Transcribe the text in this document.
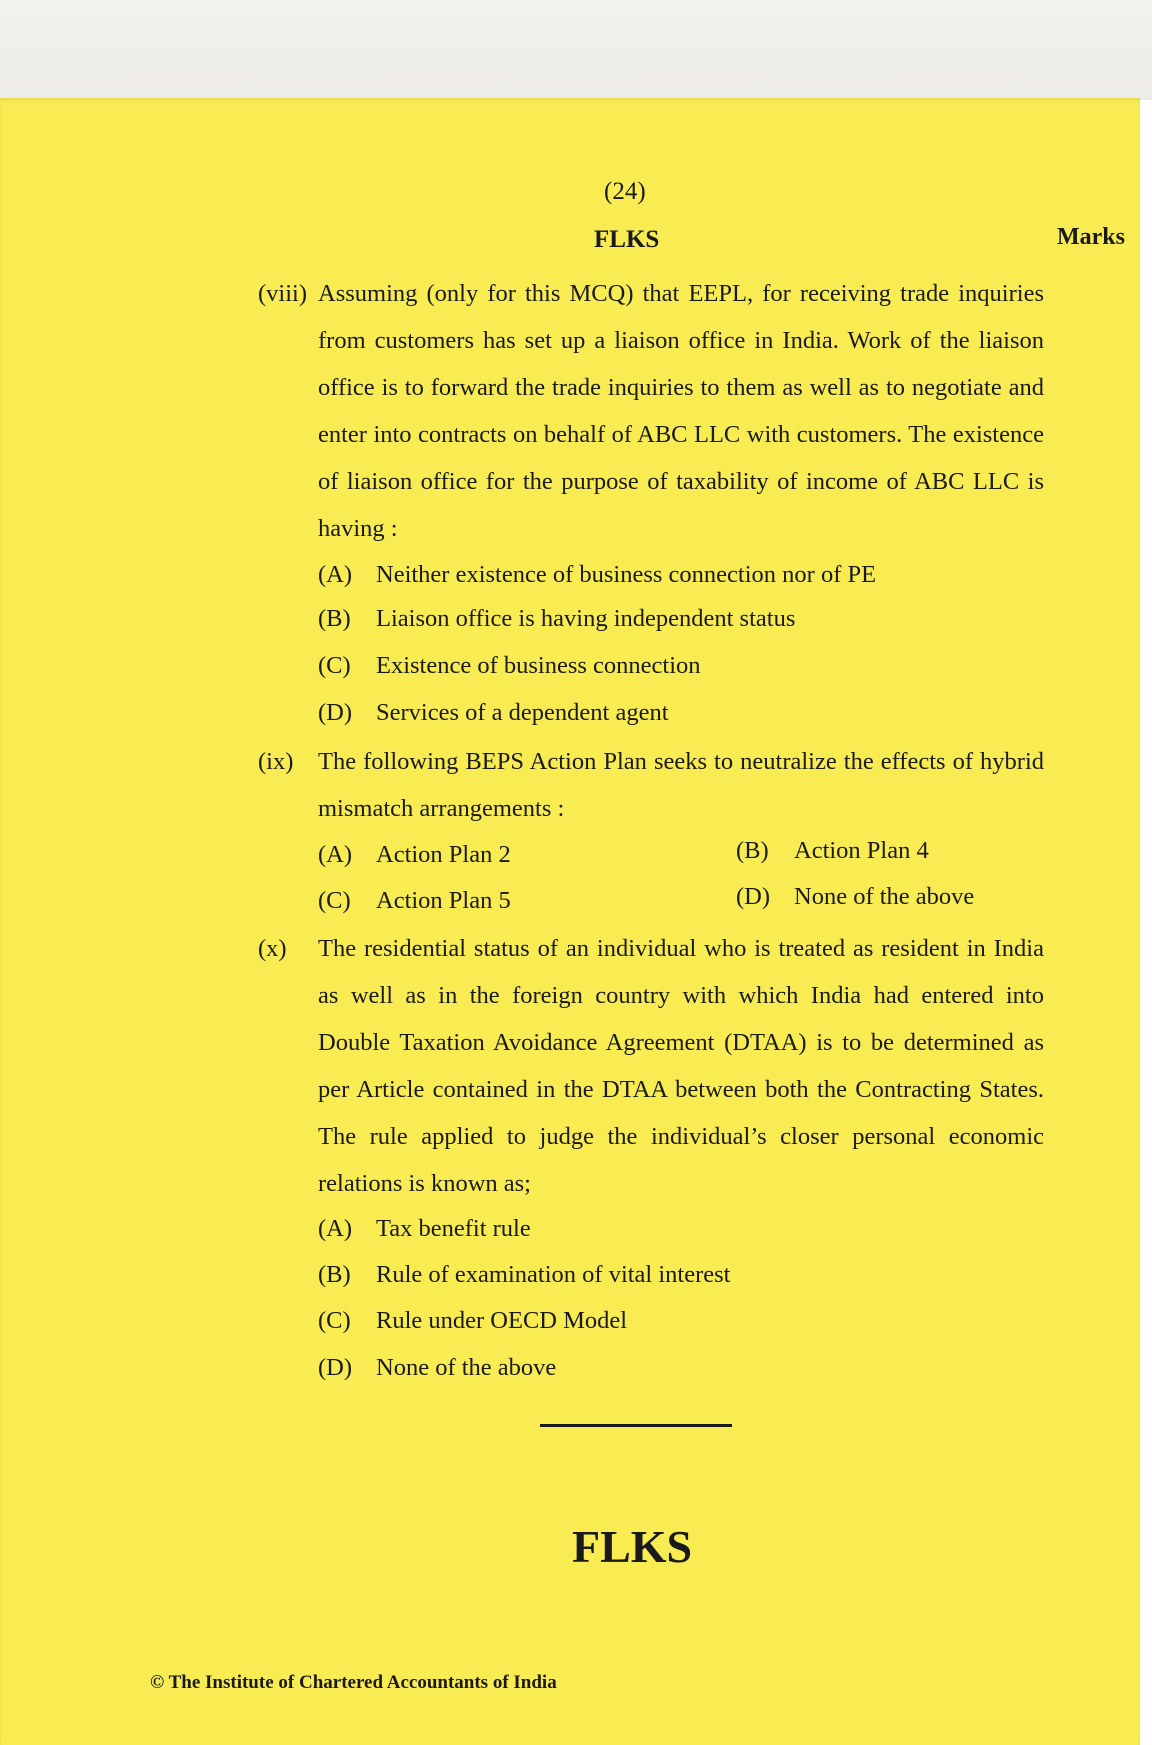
(24)
FLKS	Marks
(viii) Assuming (only for this MCQ) that EEPL, for receiving trade inquiries from customers has set up a liaison office in India. Work of the liaison office is to forward the trade inquiries to them as well as to negotiate and enter into contracts on behalf of ABC LLC with customers. The existence of liaison office for the purpose of taxability of income of ABC LLC is having :
(A) Neither existence of business connection nor of PE
(B) Liaison office is having independent status
(C) Existence of business connection
(D) Services of a dependent agent
(ix) The following BEPS Action Plan seeks to neutralize the effects of hybrid mismatch arrangements :
(A) Action Plan 2	(B) Action Plan 4
(C) Action Plan 5	(D) None of the above
(x) The residential status of an individual who is treated as resident in India as well as in the foreign country with which India had entered into Double Taxation Avoidance Agreement (DTAA) is to be determined as per Article contained in the DTAA between both the Contracting States. The rule applied to judge the individual’s closer personal economic relations is known as;
(A) Tax benefit rule
(B) Rule of examination of vital interest
(C) Rule under OECD Model
(D) None of the above
FLKS
© The Institute of Chartered Accountants of India
